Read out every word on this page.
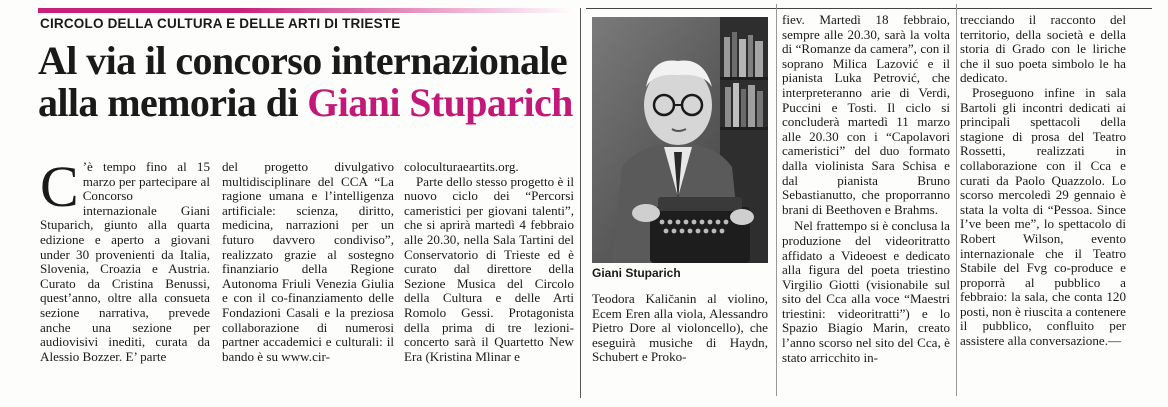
CIRCOLO DELLA CULTURA E DELLE ARTI DI TRIESTE
Al via il concorso internazionale
alla memoria di Giani Stuparich

C ’è tempo fino al 15 marzo per partecipare al Concorso internazionale Giani Stuparich, giunto alla quarta edizione e aperto a giovani under 30 provenienti da Italia, Slovenia, Croazia e Austria. Curato da Cristina Benussi, quest’anno, oltre alla consueta sezione narrativa, prevede anche una sezione per audiovisivi inediti, curata da Alessio Bozzer. E’ parte

del progetto divulgativo multidisciplinare del CCA “La ragione umana e l’intelligenza artificiale: scienza, diritto, medicina, narrazioni per un futuro davvero condiviso”, realizzato grazie al sostegno finanziario della Regione Autonoma Friuli Venezia Giulia e con il co-finanziamento delle Fondazioni Casali e la preziosa collaborazione di numerosi partner accademici e culturali: il bando è su www.cir-

coloculturaeartits.org.

Parte dello stesso progetto è il nuovo ciclo dei “Percorsi cameristici per giovani talenti”, che si aprirà martedì 4 febbraio alle 20.30, nella Sala Tartini del Conservatorio di Trieste ed è curato dal direttore della Sezione Musica del Circolo della Cultura e delle Arti Romolo Gessi. Protagonista della prima di tre lezioni-concerto sarà il Quartetto New Era (Kristina Mlinar e

Giani Stuparich

Teodora Kaličanin al violino, Ecem Eren alla viola, Alessandro Pietro Dore al violoncello), che eseguirà musiche di Haydn, Schubert e Proko-

fiev. Martedì 18 febbraio, sempre alle 20.30, sarà la volta di “Romanze da camera”, con il soprano Milica Lazović e il pianista Luka Petrović, che interpreteranno arie di Verdi, Puccini e Tosti. Il ciclo si concluderà martedì 11 marzo alle 20.30 con i “Capolavori cameristici” del duo formato dalla violinista Sara Schisa e dal pianista Bruno Sebastianutto, che proporranno brani di Beethoven e Brahms.

Nel frattempo si è conclusa la produzione del videoritratto affidato a Videoest e dedicato alla figura del poeta triestino Virgilio Giotti (visionabile sul sito del Cca alla voce “Maestri triestini: videoritratti”) e lo Spazio Biagio Marin, creato l’anno scorso nel sito del Cca, è stato arricchito in-

trecciando il racconto del territorio, della società e della storia di Grado con le liriche che il suo poeta simbolo le ha dedicato.

Proseguono infine in sala Bartoli gli incontri dedicati ai principali spettacoli della stagione di prosa del Teatro Rossetti, realizzati in collaborazione con il Cca e curati da Paolo Quazzolo. Lo scorso mercoledì 29 gennaio è stata la volta di “Pessoa. Since I’ve been me”, lo spettacolo di Robert Wilson, evento internazionale che il Teatro Stabile del Fvg co-produce e proporrà al pubblico a febbraio: la sala, che conta 120 posti, non è riuscita a contenere il pubblico, confluito per assistere alla conversazione.—
